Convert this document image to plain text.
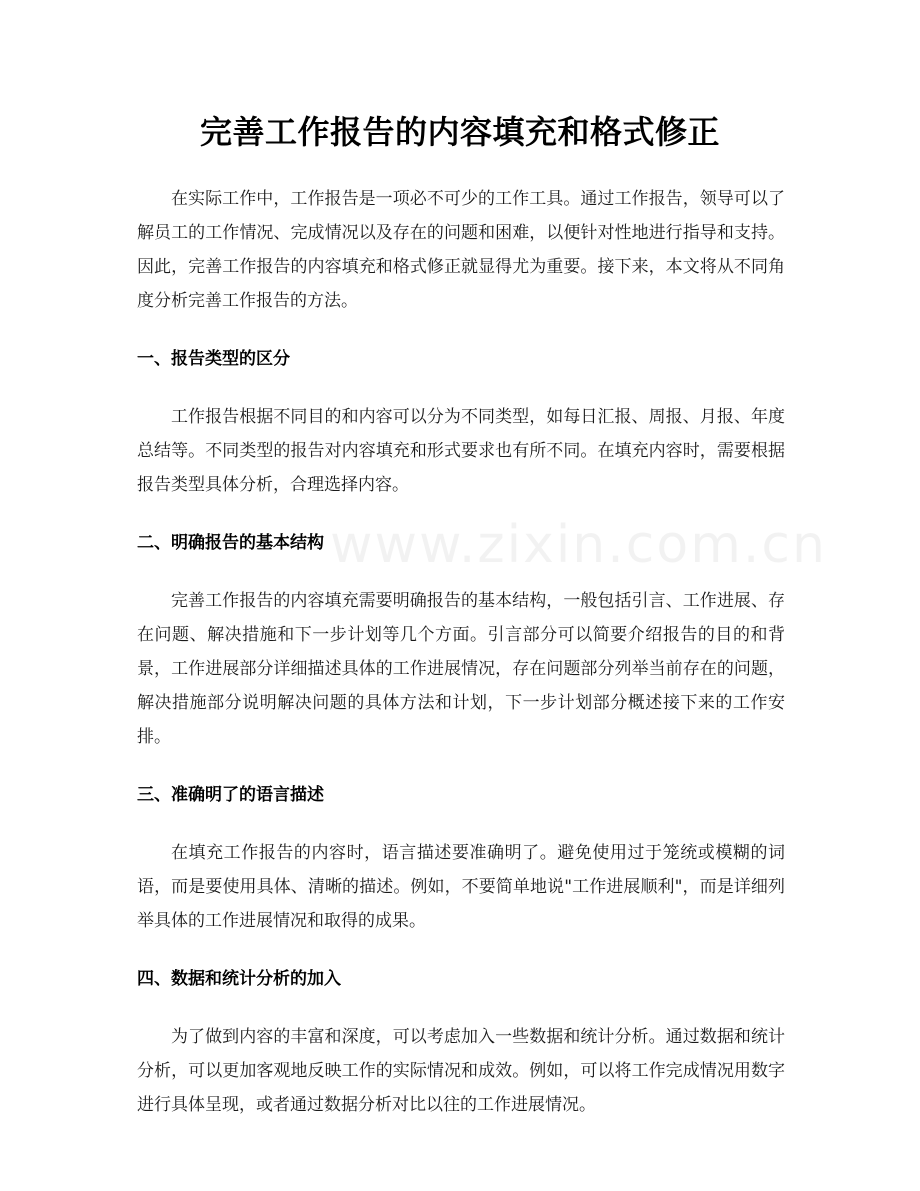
完善工作报告的内容填充和格式修正

在实际工作中，工作报告是一项必不可少的工作工具。通过工作报告，领导可以了解员工的工作情况、完成情况以及存在的问题和困难，以便针对性地进行指导和支持。因此，完善工作报告的内容填充和格式修正就显得尤为重要。接下来，本文将从不同角度分析完善工作报告的方法。

一、报告类型的区分

工作报告根据不同目的和内容可以分为不同类型，如每日汇报、周报、月报、年度总结等。不同类型的报告对内容填充和形式要求也有所不同。在填充内容时，需要根据报告类型具体分析，合理选择内容。

二、明确报告的基本结构

完善工作报告的内容填充需要明确报告的基本结构，一般包括引言、工作进展、存在问题、解决措施和下一步计划等几个方面。引言部分可以简要介绍报告的目的和背景，工作进展部分详细描述具体的工作进展情况，存在问题部分列举当前存在的问题，解决措施部分说明解决问题的具体方法和计划，下一步计划部分概述接下来的工作安排。

三、准确明了的语言描述

在填充工作报告的内容时，语言描述要准确明了。避免使用过于笼统或模糊的词语，而是要使用具体、清晰的描述。例如，不要简单地说"工作进展顺利"，而是详细列举具体的工作进展情况和取得的成果。

四、数据和统计分析的加入

为了做到内容的丰富和深度，可以考虑加入一些数据和统计分析。通过数据和统计分析，可以更加客观地反映工作的实际情况和成效。例如，可以将工作完成情况用数字进行具体呈现，或者通过数据分析对比以往的工作进展情况。

www.zixin.com.cn
